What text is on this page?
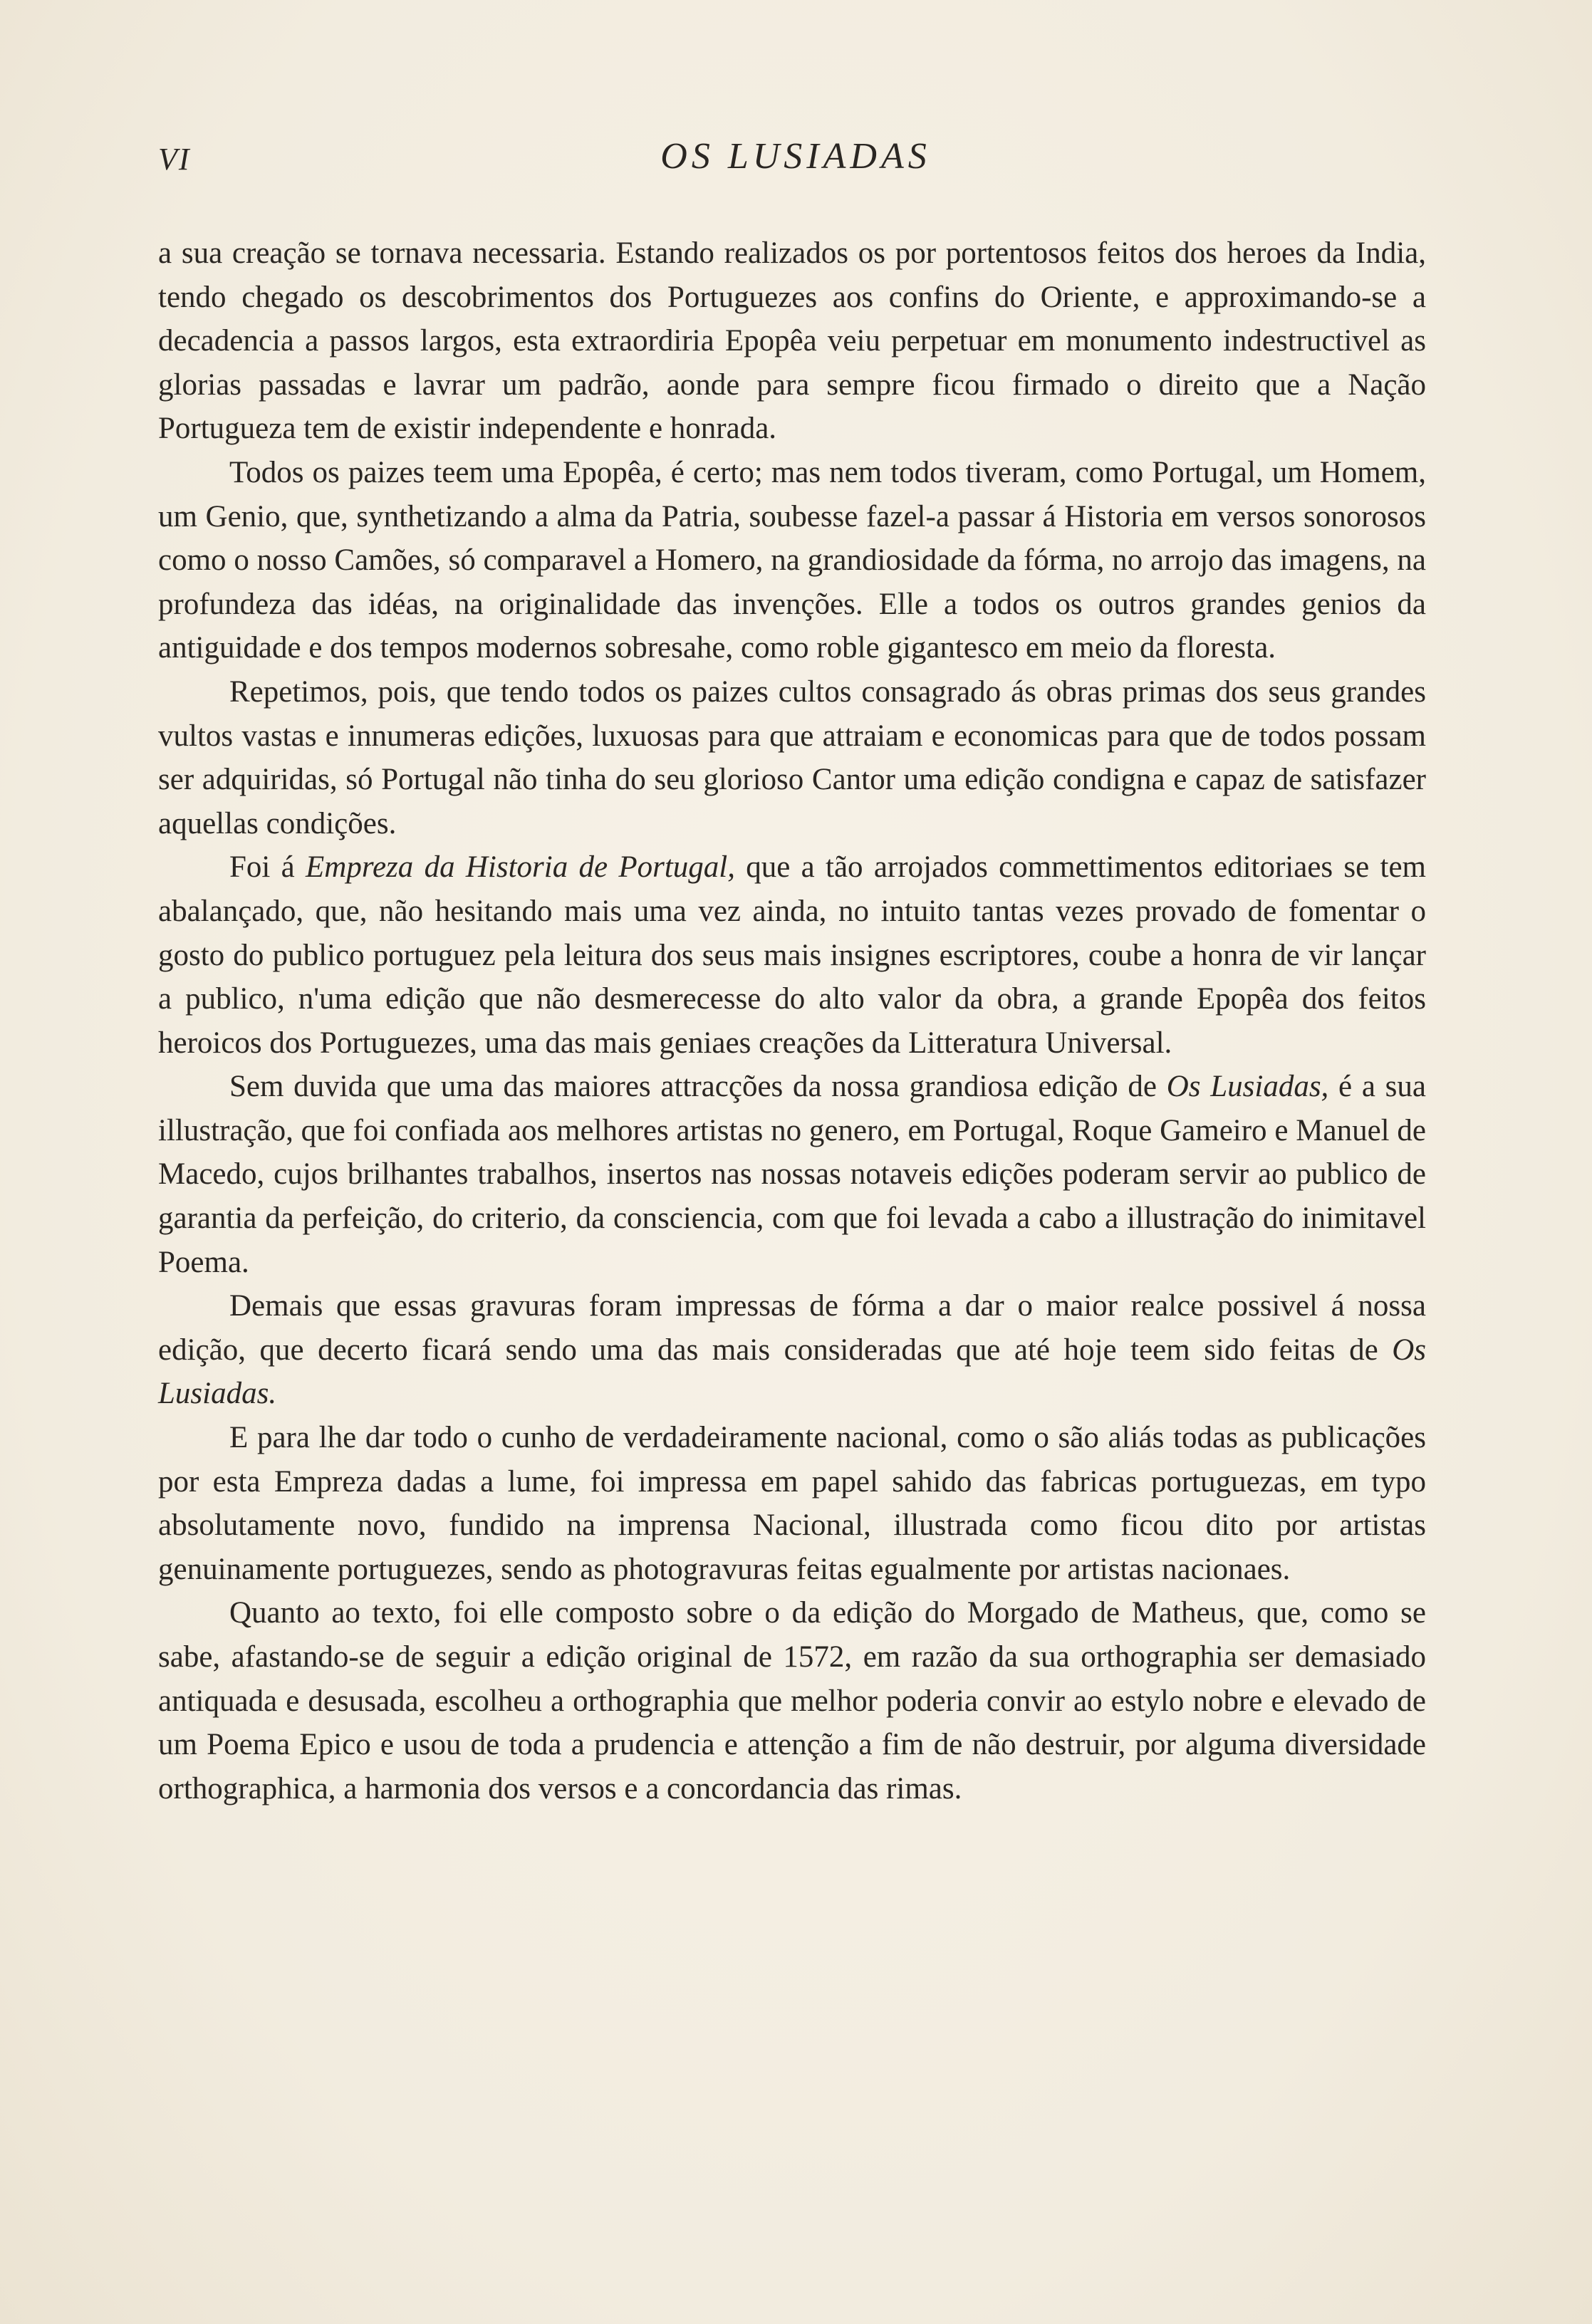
VI	OS LUSIADAS

a sua creação se tornava necessaria. Estando realizados os por portentosos feitos dos heroes da India, tendo chegado os descobrimentos dos Portuguezes aos confins do Oriente, e approximando-se a decadencia a passos largos, esta extraordiria Epopêa veiu perpetuar em monumento indestructivel as glorias passadas e lavrar um padrão, aonde para sempre ficou firmado o direito que a Nação Portugueza tem de existir independente e honrada.

Todos os paizes teem uma Epopêa, é certo; mas nem todos tiveram, como Portugal, um Homem, um Genio, que, synthetizando a alma da Patria, soubesse fazel-a passar á Historia em versos sonorosos como o nosso Camões, só comparavel a Homero, na grandiosidade da fórma, no arrojo das imagens, na profundeza das idéas, na originalidade das invenções. Elle a todos os outros grandes genios da antiguidade e dos tempos modernos sobresahe, como roble gigantesco em meio da floresta.

Repetimos, pois, que tendo todos os paizes cultos consagrado ás obras primas dos seus grandes vultos vastas e innumeras edições, luxuosas para que attraiam e economicas para que de todos possam ser adquiridas, só Portugal não tinha do seu glorioso Cantor uma edição condigna e capaz de satisfazer aquellas condições.

Foi á Empreza da Historia de Portugal, que a tão arrojados commettimentos editoriaes se tem abalançado, que, não hesitando mais uma vez ainda, no intuito tantas vezes provado de fomentar o gosto do publico portuguez pela leitura dos seus mais insignes escriptores, coube a honra de vir lançar a publico, n'uma edição que não desmerecesse do alto valor da obra, a grande Epopêa dos feitos heroicos dos Portuguezes, uma das mais geniaes creações da Litteratura Universal.

Sem duvida que uma das maiores attracções da nossa grandiosa edição de Os Lusiadas, é a sua illustração, que foi confiada aos melhores artistas no genero, em Portugal, Roque Gameiro e Manuel de Macedo, cujos brilhantes trabalhos, insertos nas nossas notaveis edições poderam servir ao publico de garantia da perfeição, do criterio, da consciencia, com que foi levada a cabo a illustração do inimitavel Poema.

Demais que essas gravuras foram impressas de fórma a dar o maior realce possivel á nossa edição, que decerto ficará sendo uma das mais consideradas que até hoje teem sido feitas de Os Lusiadas.

E para lhe dar todo o cunho de verdadeiramente nacional, como o são aliás todas as publicações por esta Empreza dadas a lume, foi impressa em papel sahido das fabricas portuguezas, em typo absolutamente novo, fundido na imprensa Nacional, illustrada como ficou dito por artistas genuinamente portuguezes, sendo as photogravuras feitas egualmente por artistas nacionaes.

Quanto ao texto, foi elle composto sobre o da edição do Morgado de Matheus, que, como se sabe, afastando-se de seguir a edição original de 1572, em razão da sua orthographia ser demasiado antiquada e desusada, escolheu a orthographia que melhor poderia convir ao estylo nobre e elevado de um Poema Epico e usou de toda a prudencia e attenção a fim de não destruir, por alguma diversidade orthographica, a harmonia dos versos e a concordancia das rimas.
